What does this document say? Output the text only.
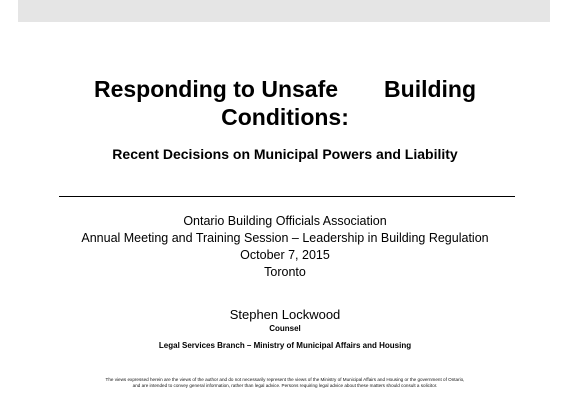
Responding to Unsafe Building
Conditions:
Recent Decisions on Municipal Powers and Liability
Ontario Building Officials Association
Annual Meeting and Training Session – Leadership in Building Regulation
October 7, 2015
Toronto
Stephen Lockwood
Counsel
Legal Services Branch – Ministry of Municipal Affairs and Housing
The views expressed herein are the views of the author and do not necessarily represent the views of the Ministry of Municipal Affairs and Housing or the government of Ontario,
and are intended to convey general information, rather than legal advice. Persons requiring legal advice about these matters should consult a solicitor.
